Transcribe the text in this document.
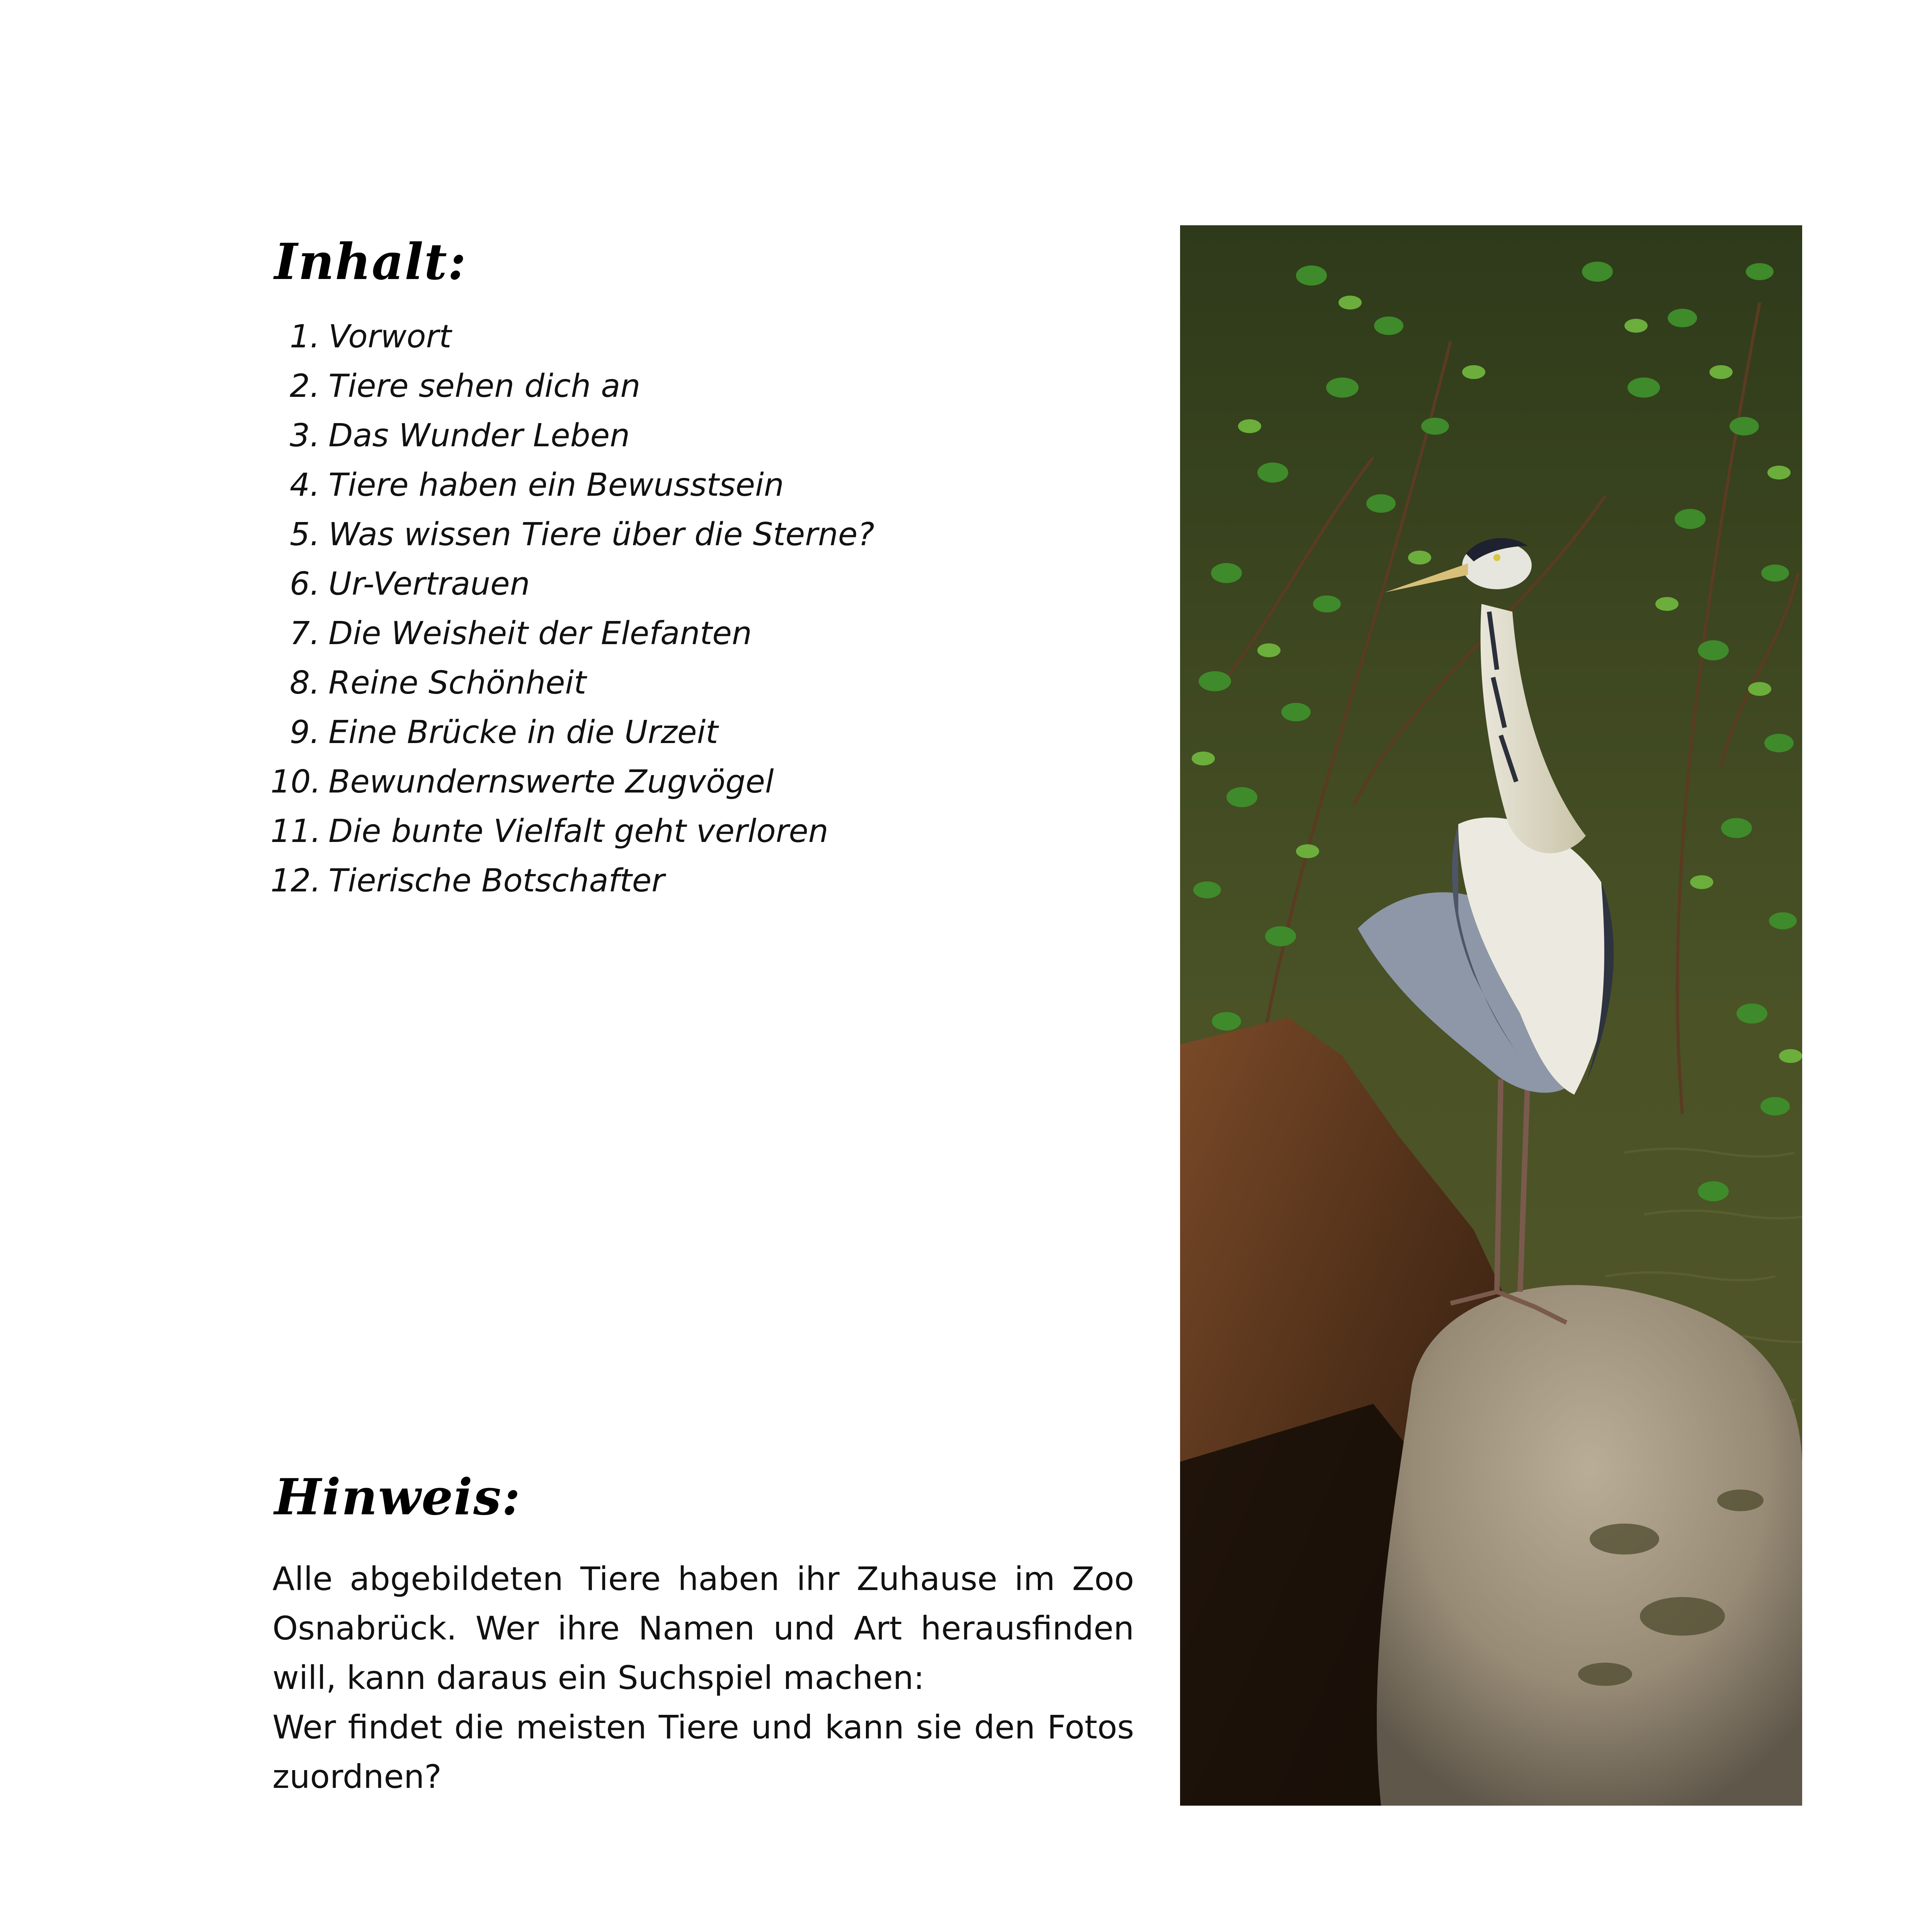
Inhalt:
1. Vorwort
2. Tiere sehen dich an
3. Das Wunder Leben
4. Tiere haben ein Bewusstsein
5. Was wissen Tiere über die Sterne?
6. Ur-Vertrauen
7. Die Weisheit der Elefanten
8. Reine Schönheit
9. Eine Brücke in die Urzeit
10. Bewundernswerte Zugvögel
11. Die bunte Vielfalt geht verloren
12. Tierische Botschafter
Hinweis:

Alle abgebildeten Tiere haben ihr Zuhause im Zoo Osnabrück. Wer ihre Namen und Art herausfinden will, kann daraus ein Suchspiel machen:

Wer findet die meisten Tiere und kann sie den Fotos zuordnen?
